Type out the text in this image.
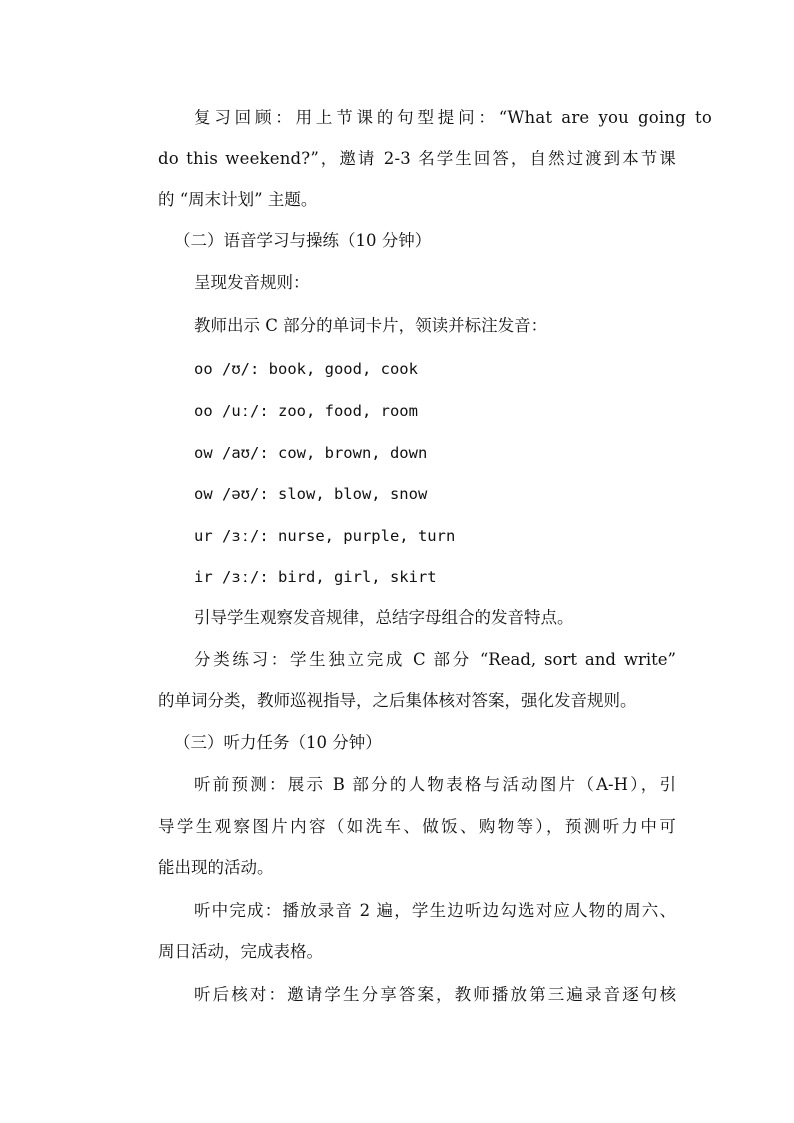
复习回顾：用上节课的句型提问：“What are you going to
do this weekend?”，邀请 2-3 名学生回答，自然过渡到本节课
的 “周末计划” 主题。
（二）语音学习与操练（10 分钟）
呈现发音规则：
教师出示 C 部分的单词卡片，领读并标注发音：
oo /ʊ/: book, good, cook
oo /uː/: zoo, food, room
ow /aʊ/: cow, brown, down
ow /əʊ/: slow, blow, snow
ur /ɜː/: nurse, purple, turn
ir /ɜː/: bird, girl, skirt
引导学生观察发音规律，总结字母组合的发音特点。
分类练习：学生独立完成 C 部分 “Read, sort and write”
的单词分类，教师巡视指导，之后集体核对答案，强化发音规则。
（三）听力任务（10 分钟）
听前预测：展示 B 部分的人物表格与活动图片（A-H），引
导学生观察图片内容（如洗车、做饭、购物等），预测听力中可
能出现的活动。
听中完成：播放录音 2 遍，学生边听边勾选对应人物的周六、
周日活动，完成表格。
听后核对：邀请学生分享答案，教师播放第三遍录音逐句核
